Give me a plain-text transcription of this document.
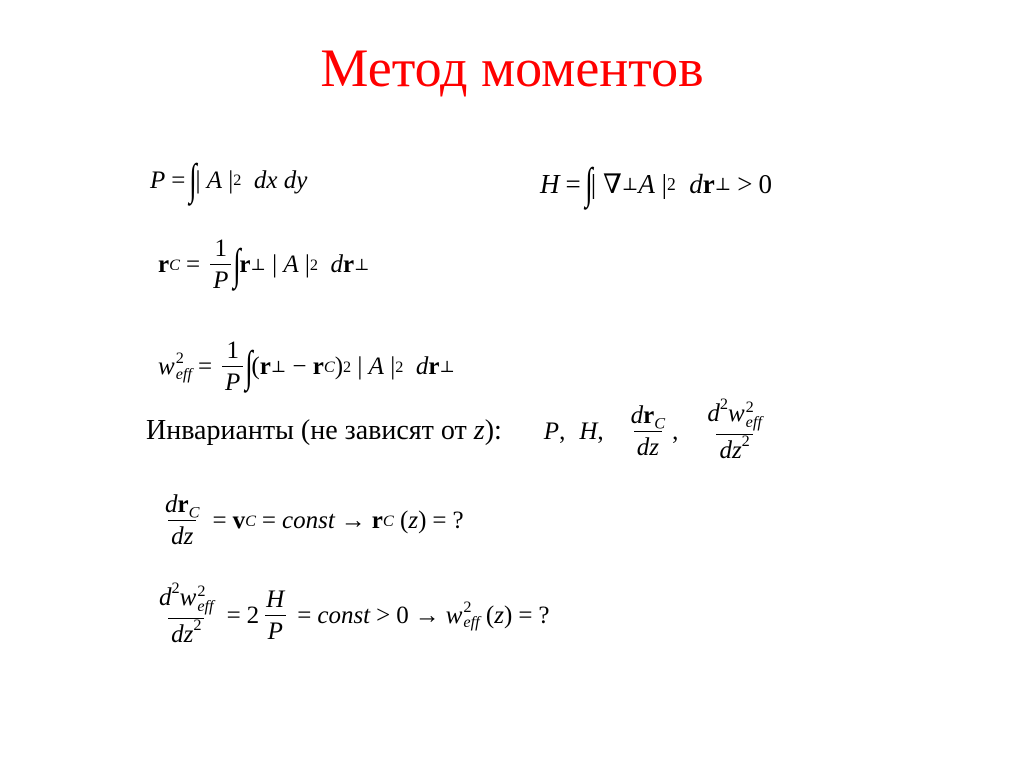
Метод моментов
P = ∫
| A | 2
dx
dy	H = ∫
| ∇ ⊥ A | 2
d r ⊥ > 0
r $C = \frac{1}{P}$ ∫
r ⊥ | A | 2
d r ⊥
w 2
eff = $\frac{1}{P}$ ∫
( r ⊥ − r C ) 2 | A | 2
d r ⊥
Инварианты (не зависят от z): P, H, $\frac{dr_C}{dz}$ , $d^2w$ 2
eff
$dz^2$
$\frac{dr_C}{dz} = v$ C = const → r C ( z ) = ?
$d^2w$ 2
eff
$dz^2 = 2 \frac{H}{P}$ = const > 0 → w 2
eff ( z ) = ?
